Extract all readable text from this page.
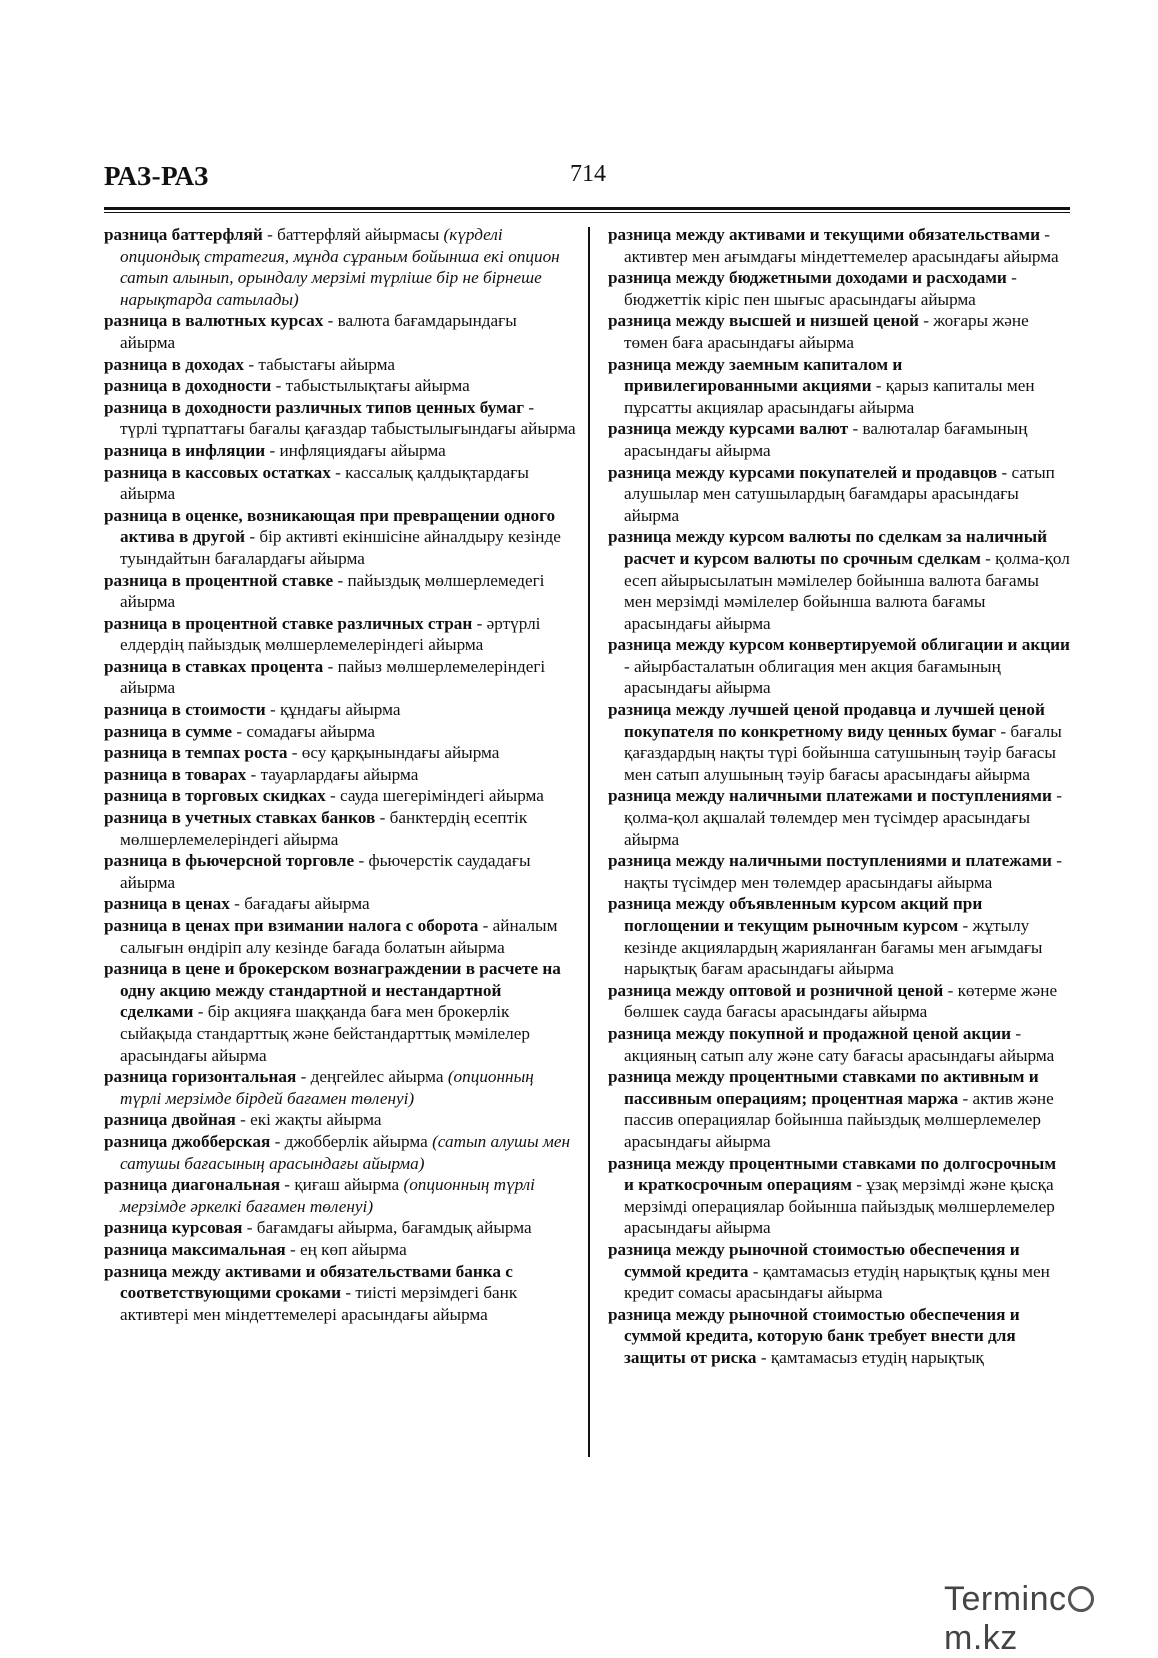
РАЗ-РАЗ	714

разница баттерфляй - баттерфляй айырмасы (күрделі опциондық стратегия, мұнда сұраным бойынша екі опцион сатып алынып, орындалу мерзімі түрліше бір не бірнеше нарықтарда сатылады)

разница в валютных курсах - валюта бағамдарындағы айырма

разница в доходах - табыстағы айырма

разница в доходности - табыстылықтағы айырма

разница в доходности различных типов ценных бумаг - түрлі тұрпаттағы бағалы қағаздар табыстылығындағы айырма

разница в инфляции - инфляциядағы айырма

разница в кассовых остатках - кассалық қалдықтардағы айырма

разница в оценке, возникающая при превращении одного актива в другой - бір активті екіншісіне айналдыру кезінде туындайтын бағалардағы айырма

разница в процентной ставке - пайыздық мөлшерлемедегі айырма

разница в процентной ставке различных стран - әртүрлі елдердің пайыздық мөлшерлемелеріндегі айырма

разница в ставках процента - пайыз мөлшерлемелеріндегі айырма

разница в стоимости - құндағы айырма

разница в сумме - сомадағы айырма

разница в темпах роста - өсу қарқынындағы айырма

разница в товарах - тауарлардағы айырма

разница в торговых скидках - сауда шегеріміндегі айырма

разница в учетных ставках банков - банктердің есептік мөлшерлемелеріндегі айырма

разница в фьючерсной торговле - фьючерстік саудадағы айырма

разница в ценах - бағадағы айырма

разница в ценах при взимании налога с оборота - айналым салығын өндіріп алу кезінде бағада болатын айырма

разница в цене и брокерском вознаграждении в расчете на одну акцию между стандартной и нестандартной сделками - бір акцияға шаққанда баға мен брокерлік сыйақыда стандарттық және бейстандарттық мәмілелер арасындағы айырма

разница горизонтальная - деңгейлес айырма (опционның түрлі мерзімде бірдей бағамен төленуі)

разница двойная - екі жақты айырма

разница джобберская - джобберлік айырма (сатып алушы мен сатушы бағасының арасындағы айырма)

разница диагональная - қиғаш айырма (опционның түрлі мерзімде әркелкі бағамен төленуі)

разница курсовая - бағамдағы айырма, бағамдық айырма

разница максимальная - ең көп айырма

разница между активами и обязательствами банка с соответствующими сроками - тиісті мерзімдегі банк активтері мен міндеттемелері арасындағы айырма

разница между активами и текущими обязательствами - активтер мен ағымдағы міндеттемелер арасындағы айырма

разница между бюджетными доходами и расходами - бюджеттік кіріс пен шығыс арасындағы айырма

разница между высшей и низшей ценой - жоғары және төмен баға арасындағы айырма

разница между заемным капиталом и привилегированными акциями - қарыз капиталы мен пұрсатты акциялар арасындағы айырма

разница между курсами валют - валюталар бағамының арасындағы айырма

разница между курсами покупателей и продавцов - сатып алушылар мен сатушылардың бағамдары арасындағы айырма

разница между курсом валюты по сделкам за наличный расчет и курсом валюты по срочным сделкам - қолма-қол есеп айырысылатын мәмілелер бойынша валюта бағамы мен мерзімді мәмілелер бойынша валюта бағамы арасындағы айырма

разница между курсом конвертируемой облигации и акции - айырбасталатын облигация мен акция бағамының арасындағы айырма

разница между лучшей ценой продавца и лучшей ценой покупателя по конкретному виду ценных бумаг - бағалы қағаздардың нақты түрі бойынша сатушының тәуір бағасы мен сатып алушының тәуір бағасы арасындағы айырма

разница между наличными платежами и поступлениями - қолма-қол ақшалай төлемдер мен түсімдер арасындағы айырма

разница между наличными поступлениями и платежами - нақты түсімдер мен төлемдер арасындағы айырма

разница между объявленным курсом акций при поглощении и текущим рыночным курсом - жұтылу кезінде акциялардың жарияланған бағамы мен ағымдағы нарықтық бағам арасындағы айырма

разница между оптовой и розничной ценой - көтерме және бөлшек сауда бағасы арасындағы айырма

разница между покупной и продажной ценой акции - акцияның сатып алу және сату бағасы арасындағы айырма

разница между процентными ставками по активным и пассивным операциям; процентная маржа - актив және пассив операциялар бойынша пайыздық мөлшерлемелер арасындағы айырма

разница между процентными ставками по долгосрочным и краткосрочным операциям - ұзақ мерзімді және қысқа мерзімді операциялар бойынша пайыздық мөлшерлемелер арасындағы айырма

разница между рыночной стоимостью обеспечения и суммой кредита - қамтамасыз етудің нарықтық құны мен кредит сомасы арасындағы айырма

разница между рыночной стоимостью обеспечения и суммой кредита, которую банк требует внести для защиты от риска - қамтамасыз етудің нарықтық

Termincm.kz
